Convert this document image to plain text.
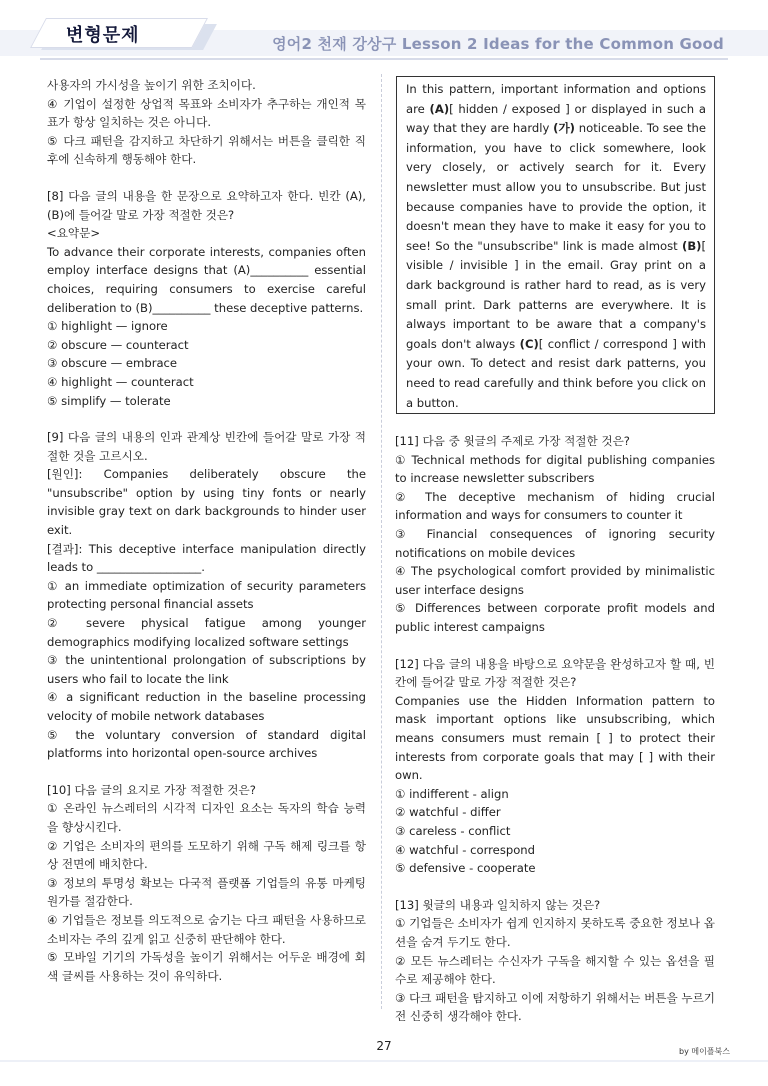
변형문제	영어2 천재 강상구 Lesson 2 Ideas for the Common Good

사용자의 가시성을 높이기 위한 조치이다.

④ 기업이 설정한 상업적 목표와 소비자가 추구하는 개인적 목표가 항상 일치하는 것은 아니다.

⑤ 다크 패턴을 감지하고 차단하기 위해서는 버튼을 클릭한 직후에 신속하게 행동해야 한다.

[8] 다음 글의 내용을 한 문장으로 요약하고자 한다. 빈칸 (A), (B)에 들어갈 말로 가장 적절한 것은?

<요약문>

To advance their corporate interests, companies often employ interface designs that (A)__________ essential choices, requiring consumers to exercise careful deliberation to (B)__________ these deceptive patterns.

① highlight — ignore

② obscure — counteract

③ obscure — embrace

④ highlight — counteract

⑤ simplify — tolerate

[9] 다음 글의 내용의 인과 관계상 빈칸에 들어갈 말로 가장 적절한 것을 고르시오.

[원인]: Companies deliberately obscure the "unsubscribe" option by using tiny fonts or nearly invisible gray text on dark backgrounds to hinder user exit.

[결과]: This deceptive interface manipulation directly leads to __________________.

① an immediate optimization of security parameters protecting personal financial assets

② severe physical fatigue among younger demographics modifying localized software settings

③ the unintentional prolongation of subscriptions by users who fail to locate the link

④ a significant reduction in the baseline processing velocity of mobile network databases

⑤ the voluntary conversion of standard digital platforms into horizontal open-source archives

[10] 다음 글의 요지로 가장 적절한 것은?

① 온라인 뉴스레터의 시각적 디자인 요소는 독자의 학습 능력을 향상시킨다.

② 기업은 소비자의 편의를 도모하기 위해 구독 해제 링크를 항상 전면에 배치한다.

③ 정보의 투명성 확보는 다국적 플랫폼 기업들의 유통 마케팅 원가를 절감한다.

④ 기업들은 정보를 의도적으로 숨기는 다크 패턴을 사용하므로 소비자는 주의 깊게 읽고 신중히 판단해야 한다.

⑤ 모바일 기기의 가독성을 높이기 위해서는 어두운 배경에 회색 글씨를 사용하는 것이 유익하다.

In this pattern, important information and options are (A)[ hidden / exposed ] or displayed in such a way that they are hardly (가) noticeable. To see the information, you have to click somewhere, look very closely, or actively search for it. Every newsletter must allow you to unsubscribe. But just because companies have to provide the option, it doesn't mean they have to make it easy for you to see! So the "unsubscribe" link is made almost (B)[ visible / invisible ] in the email. Gray print on a dark background is rather hard to read, as is very small print. Dark patterns are everywhere. It is always important to be aware that a company's goals don't always (C)[ conflict / correspond ] with your own. To detect and resist dark patterns, you need to read carefully and think before you click on a button.

[11] 다음 중 윗글의 주제로 가장 적절한 것은?

① Technical methods for digital publishing companies to increase newsletter subscribers

② The deceptive mechanism of hiding crucial information and ways for consumers to counter it

③ Financial consequences of ignoring security notifications on mobile devices

④ The psychological comfort provided by minimalistic user interface designs

⑤ Differences between corporate profit models and public interest campaigns

[12] 다음 글의 내용을 바탕으로 요약문을 완성하고자 할 때, 빈칸에 들어갈 말로 가장 적절한 것은?

Companies use the Hidden Information pattern to mask important options like unsubscribing, which means consumers must remain [ ] to protect their interests from corporate goals that may [ ] with their own.

① indifferent - align

② watchful - differ

③ careless - conflict

④ watchful - correspond

⑤ defensive - cooperate

[13] 윗글의 내용과 일치하지 않는 것은?

① 기업들은 소비자가 쉽게 인지하지 못하도록 중요한 정보나 옵션을 숨겨 두기도 한다.

② 모든 뉴스레터는 수신자가 구독을 해지할 수 있는 옵션을 필수로 제공해야 한다.

③ 다크 패턴을 탐지하고 이에 저항하기 위해서는 버튼을 누르기 전 신중히 생각해야 한다.

27	by 메이플북스
